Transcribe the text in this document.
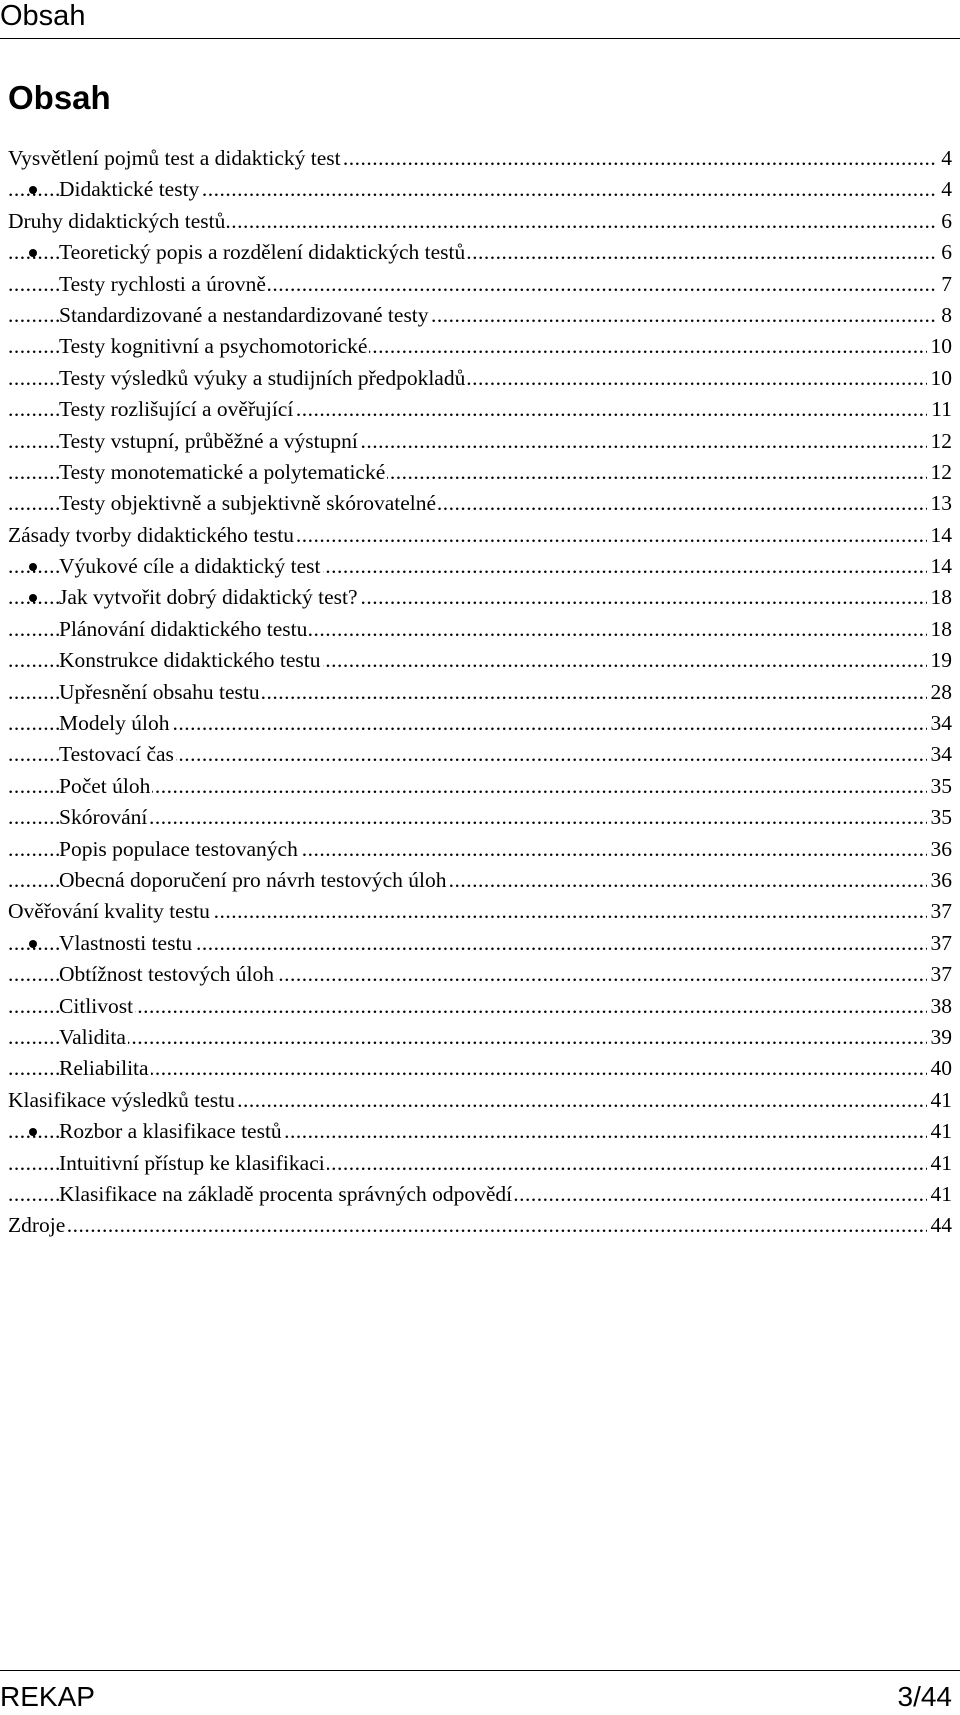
Obsah
Obsah
Vysvětlení pojmů test a didaktický test	4
.....
Didaktické testy	4
.....
Druhy didaktických testů	6
.....
Teoretický popis a rozdělení didaktických testů	6
.....
Testy rychlosti a úrovně	7
.....
Standardizované a nestandardizované testy	8
.....
Testy kognitivní a psychomotorické	10
.....
Testy výsledků výuky a studijních předpokladů	10
.....
Testy rozlišující a ověřující	11
.....
Testy vstupní, průběžné a výstupní	12
.....
Testy monotematické a polytematické	12
.....
Testy objektivně a subjektivně skórovatelné	13
.....
Zásady tvorby didaktického testu	14
.....
Výukové cíle a didaktický test	14
.....
Jak vytvořit dobrý didaktický test?	18
.....
Plánování didaktického testu	18
.....
Konstrukce didaktického testu	19
.....
Upřesnění obsahu testu	28
.....
Modely úloh	34
.....
Testovací čas	34
.....
Počet úloh	35
.....
Skórování	35
.....
Popis populace testovaných	36
.....
Obecná doporučení pro návrh testových úloh	36
.....
Ověřování kvality testu	37
.....
Vlastnosti testu	37
.....
Obtížnost testových úloh	37
.....
Citlivost	38
.....
Validita	39
.....
Reliabilita	40
.....
Klasifikace výsledků testu	41
.....
Rozbor a klasifikace testů	41
.....
Intuitivní přístup ke klasifikaci	41
.....
Klasifikace na základě procenta správných odpovědí	41
.....
Zdroje	44
.....
REKAP	3/44
